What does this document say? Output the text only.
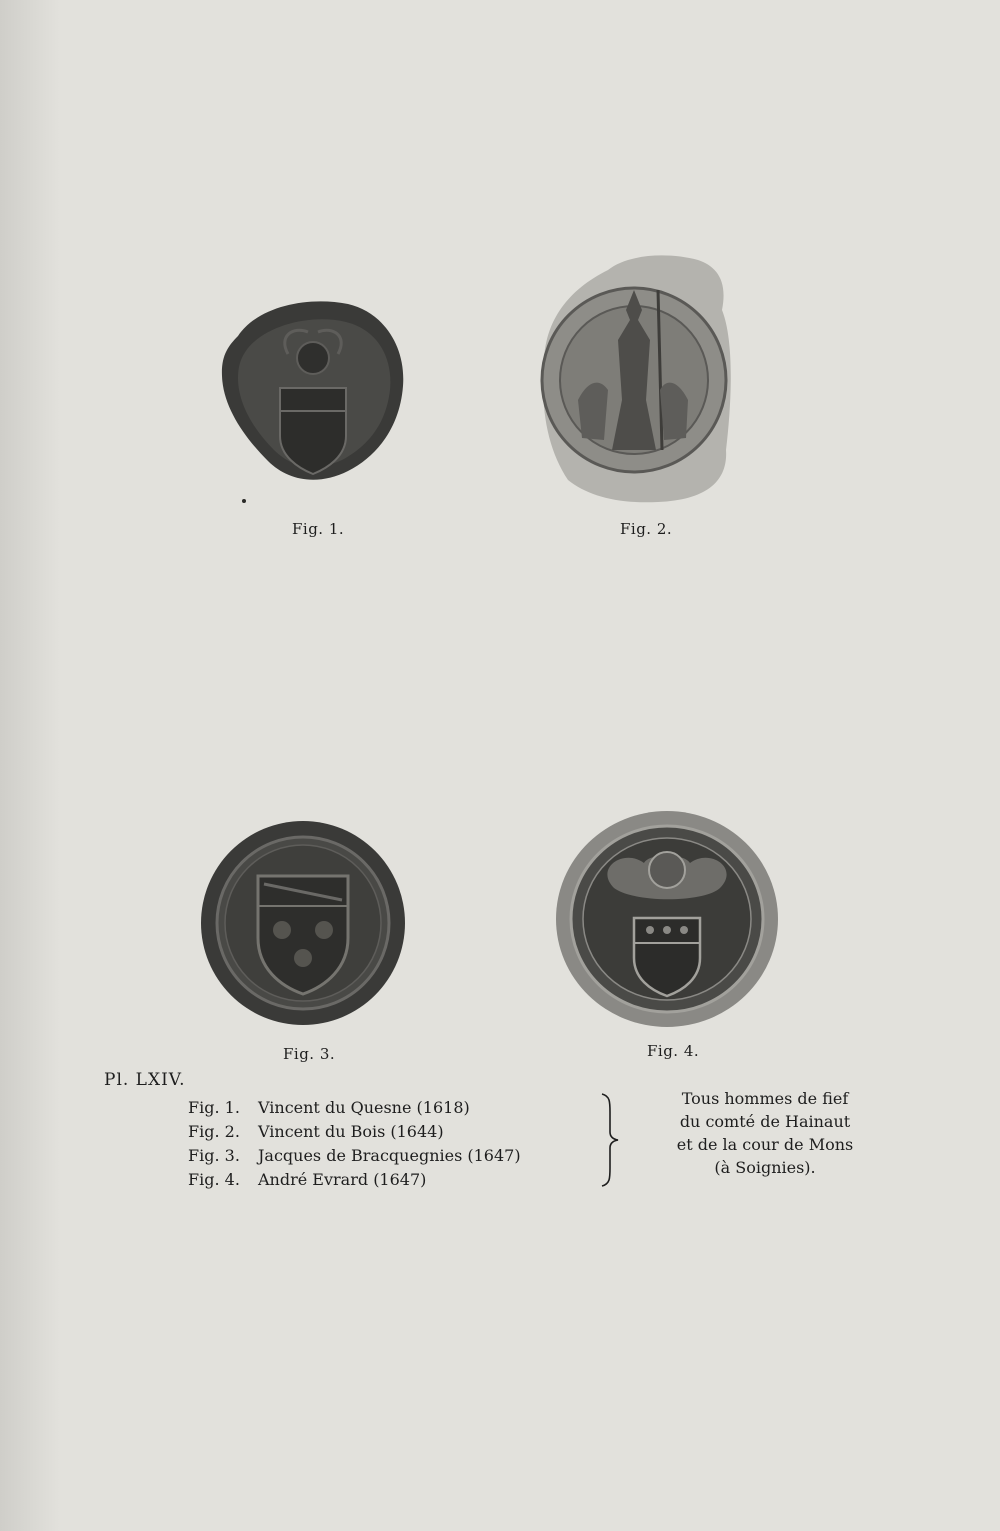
Fig. 1.	Fig. 2.
Fig. 3.	Fig. 4.
Pl. LXIV.
Fig. 1. Vincent du Quesne (1618)
Fig. 2. Vincent du Bois (1644)
Fig. 3. Jacques de Bracquegnies (1647)
Fig. 4. André Evrard (1647)
Tous hommes de fief
du comté de Hainaut
et de la cour de Mons
(à Soignies).
